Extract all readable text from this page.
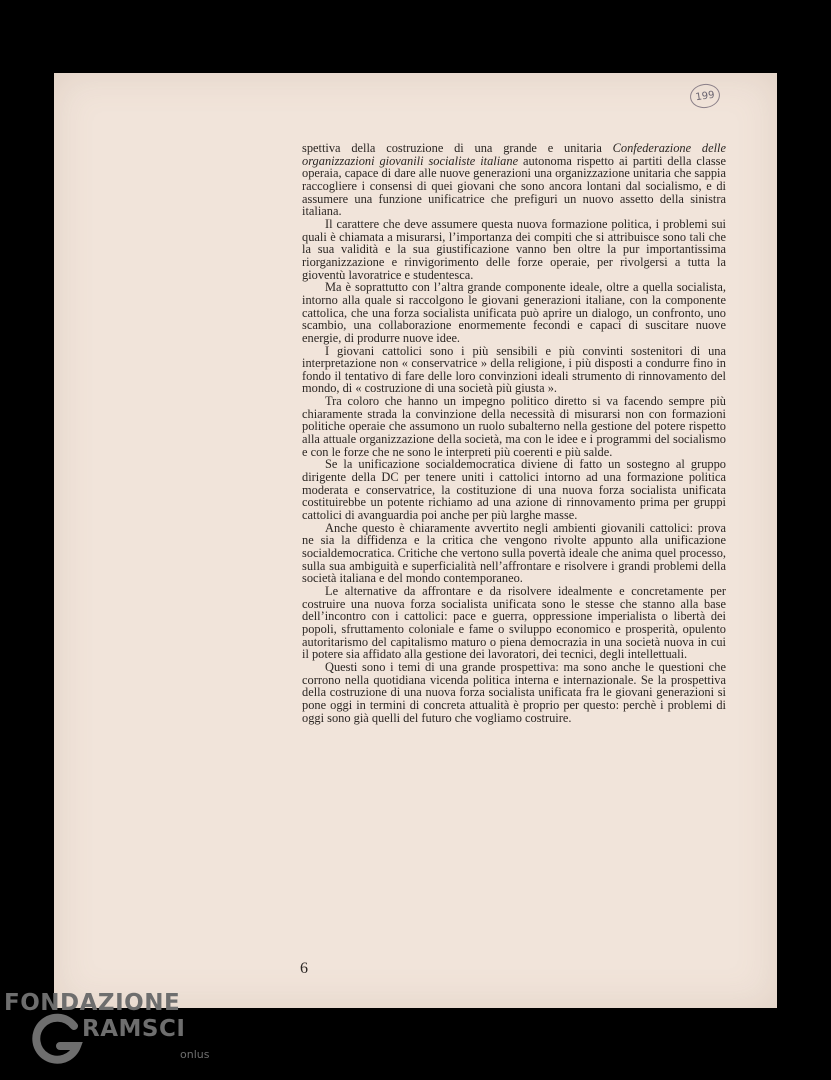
199

spettiva della costruzione di una grande e unitaria Confederazione delle organizzazioni giovanili socialiste italiane autonoma rispetto ai partiti della classe operaia, capace di dare alle nuove generazioni una organizzazione unitaria che sappia raccogliere i consensi di quei giovani che sono ancora lontani dal socialismo, e di assumere una funzione unificatrice che prefiguri un nuovo assetto della sinistra italiana.

Il carattere che deve assumere questa nuova formazione politica, i problemi sui quali è chiamata a misurarsi, l’importanza dei compiti che si attribuisce sono tali che la sua validità e la sua giustificazione vanno ben oltre la pur importantissima riorganizzazione e rinvigorimento delle forze operaie, per rivolgersi a tutta la gioventù lavoratrice e studentesca.

Ma è soprattutto con l’altra grande componente ideale, oltre a quella socialista, intorno alla quale si raccolgono le giovani generazioni italiane, con la componente cattolica, che una forza socialista unificata può aprire un dialogo, un confronto, uno scambio, una collaborazione enormemente fecondi e capaci di suscitare nuove energie, di produrre nuove idee.

I giovani cattolici sono i più sensibili e più convinti sostenitori di una interpretazione non « conservatrice » della religione, i più disposti a condurre fino in fondo il tentativo di fare delle loro convinzioni ideali strumento di rinnovamento del mondo, di « costruzione di una società più giusta ».

Tra coloro che hanno un impegno politico diretto si va facendo sempre più chiaramente strada la convinzione della necessità di misurarsi non con formazioni politiche operaie che assumono un ruolo subalterno nella gestione del potere rispetto alla attuale organizzazione della società, ma con le idee e i programmi del socialismo e con le forze che ne sono le interpreti più coerenti e più salde.

Se la unificazione socialdemocratica diviene di fatto un sostegno al gruppo dirigente della DC per tenere uniti i cattolici intorno ad una formazione politica moderata e conservatrice, la costituzione di una nuova forza socialista unificata costituirebbe un potente richiamo ad una azione di rinnovamento prima per gruppi cattolici di avanguardia poi anche per più larghe masse.

Anche questo è chiaramente avvertito negli ambienti giovanili cattolici: prova ne sia la diffidenza e la critica che vengono rivolte appunto alla unificazione socialdemocratica. Critiche che vertono sulla povertà ideale che anima quel processo, sulla sua ambiguità e superficialità nell’affrontare e risolvere i grandi problemi della società italiana e del mondo contemporaneo.

Le alternative da affrontare e da risolvere idealmente e concretamente per costruire una nuova forza socialista unificata sono le stesse che stanno alla base dell’incontro con i cattolici: pace e guerra, oppressione imperialista o libertà dei popoli, sfruttamento coloniale e fame o sviluppo economico e prosperità, opulento autoritarismo del capitalismo maturo o piena democrazia in una società nuova in cui il potere sia affidato alla gestione dei lavoratori, dei tecnici, degli intellettuali.

Questi sono i temi di una grande prospettiva: ma sono anche le questioni che corrono nella quotidiana vicenda politica interna e internazionale. Se la prospettiva della costruzione di una nuova forza socialista unificata fra le giovani generazioni si pone oggi in termini di concreta attualità è proprio per questo: perchè i problemi di oggi sono già quelli del futuro che vogliamo costruire.

6
FONDAZIONE
RAMSCI
onlus
